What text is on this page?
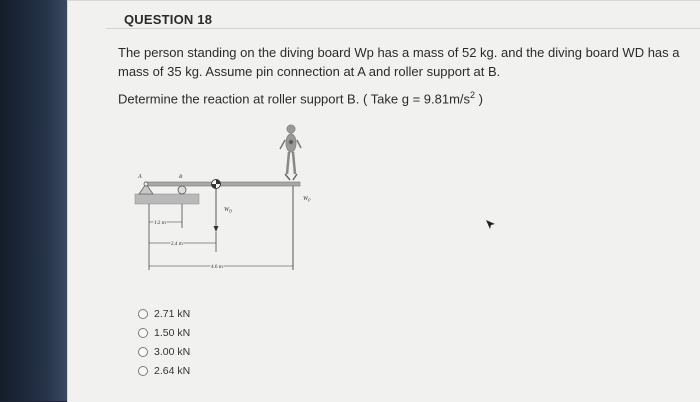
QUESTION 18
The person standing on the diving board Wp has a mass of 52 kg. and the diving board WD has a
mass of 35 kg. Assume pin connection at A and roller support at B.
Determine the reaction at roller support B. ( Take $g = 9.81m/s^2$ )
A	B
$W_D$
$W_P$
1.2 m
2.4 m
4.6 m
2.71 kN
1.50 kN
3.00 kN
2.64 kN
